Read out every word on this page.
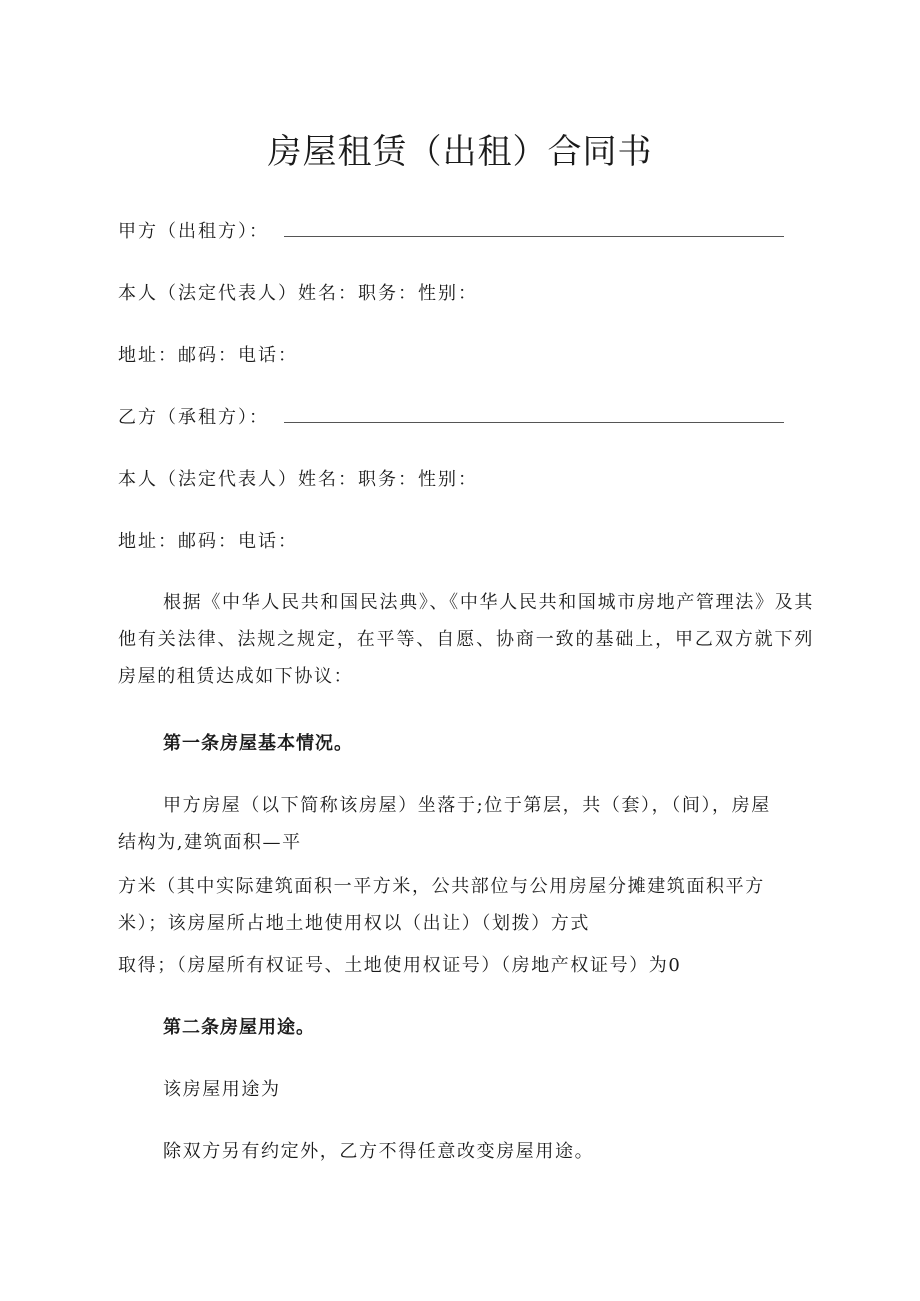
房屋租赁（出租）合同书

甲方（出租方）：

本人（法定代表人）姓名：职务：性别：

地址：邮码：电话：

乙方（承租方）：

本人（法定代表人）姓名：职务：性别：

地址：邮码：电话：

根据《中华人民共和国民法典》、《中华人民共和国城市房地产管理法》及其他有关法律、法规之规定，在平等、自愿、协商一致的基础上，甲乙双方就下列房屋的租赁达成如下协议：

第一条房屋基本情况。

甲方房屋（以下简称该房屋）坐落于;位于第层，共（套），（间），房屋

结构为,建筑面积—平

方米（其中实际建筑面积一平方米，公共部位与公用房屋分摊建筑面积平方

米）；该房屋所占地土地使用权以（出让）（划拨）方式

取得；（房屋所有权证号、土地使用权证号）（房地产权证号）为0

第二条房屋用途。

该房屋用途为

除双方另有约定外，乙方不得任意改变房屋用途。
